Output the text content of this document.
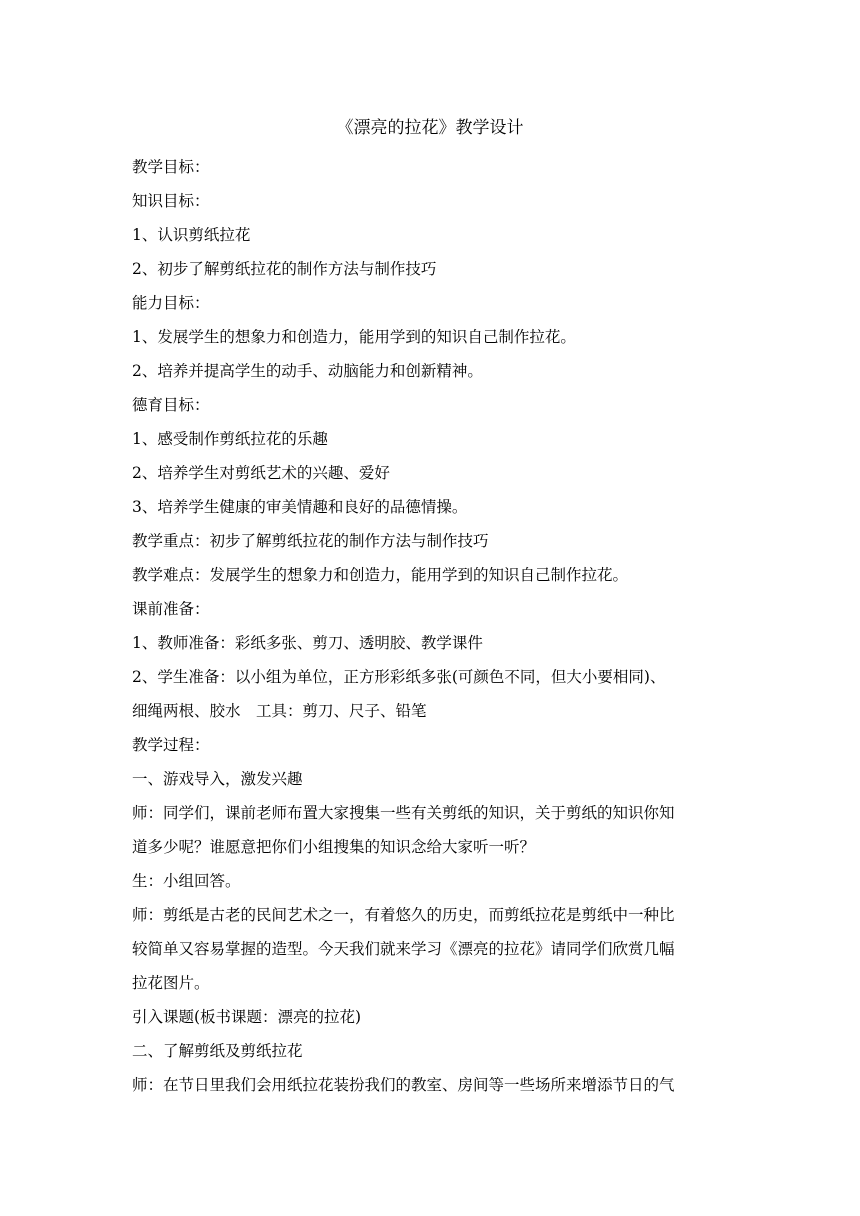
《漂亮的拉花》教学设计
教学目标：
知识目标：
1、认识剪纸拉花
2、初步了解剪纸拉花的制作方法与制作技巧
能力目标：
1、发展学生的想象力和创造力，能用学到的知识自己制作拉花。
2、培养并提高学生的动手、动脑能力和创新精神。
德育目标：
1、感受制作剪纸拉花的乐趣
2、培养学生对剪纸艺术的兴趣、爱好
3、培养学生健康的审美情趣和良好的品德情操。
教学重点：初步了解剪纸拉花的制作方法与制作技巧
教学难点：发展学生的想象力和创造力，能用学到的知识自己制作拉花。
课前准备：
1、教师准备：彩纸多张、剪刀、透明胶、教学课件
2、学生准备：以小组为单位，正方形彩纸多张(可颜色不同，但大小要相同)、
细绳两根、胶水　工具：剪刀、尺子、铅笔
教学过程：
一、游戏导入，激发兴趣
师：同学们，课前老师布置大家搜集一些有关剪纸的知识，关于剪纸的知识你知
道多少呢？谁愿意把你们小组搜集的知识念给大家听一听？
生：小组回答。
师：剪纸是古老的民间艺术之一，有着悠久的历史，而剪纸拉花是剪纸中一种比
较简单又容易掌握的造型。今天我们就来学习《漂亮的拉花》请同学们欣赏几幅
拉花图片。
引入课题(板书课题：漂亮的拉花)
二、了解剪纸及剪纸拉花
师：在节日里我们会用纸拉花装扮我们的教室、房间等一些场所来增添节日的气
